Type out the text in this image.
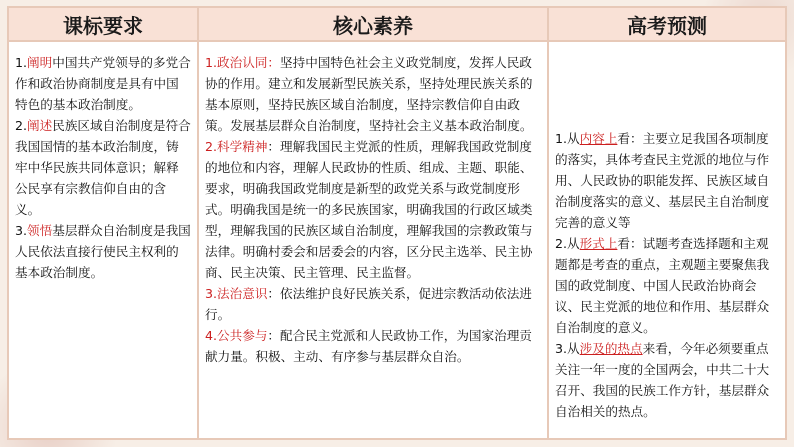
课标要求	核心素养	高考预测

1.阐明中国共产党领导的多党合作和政治协商制度是具有中国特色的基本政治制度。

2.阐述民族区域自治制度是符合我国国情的基本政治制度，铸牢中华民族共同体意识；解释公民享有宗教信仰自由的含义。

3.领悟基层群众自治制度是我国人民依法直接行使民主权利的基本政治制度。

1.政治认同：坚持中国特色社会主义政党制度，发挥人民政协的作用。建立和发展新型民族关系，坚持处理民族关系的基本原则，坚持民族区域自治制度，坚持宗教信仰自由政策。发展基层群众自治制度，坚持社会主义基本政治制度。

2.科学精神：理解我国民主党派的性质，理解我国政党制度的地位和内容，理解人民政协的性质、组成、主题、职能、要求，明确我国政党制度是新型的政党关系与政党制度形式。明确我国是统一的多民族国家，明确我国的行政区域类型，理解我国的民族区域自治制度，理解我国的宗教政策与法律。明确村委会和居委会的内容，区分民主选举、民主协商、民主决策、民主管理、民主监督。

3.法治意识：依法维护良好民族关系，促进宗教活动依法进行。

4.公共参与：配合民主党派和人民政协工作，为国家治理贡献力量。积极、主动、有序参与基层群众自治。

1.从内容上看：主要立足我国各项制度的落实，具体考查民主党派的地位与作用、人民政协的职能发挥、民族区域自治制度落实的意义、基层民主自治制度完善的意义等

2.从形式上看：试题考查选择题和主观题都是考查的重点，主观题主要聚焦我国的政党制度、中国人民政治协商会议、民主党派的地位和作用、基层群众自治制度的意义。

3.从涉及的热点来看，今年必须要重点关注一年一度的全国两会，中共二十大召开、我国的民族工作方针，基层群众自治相关的热点。
